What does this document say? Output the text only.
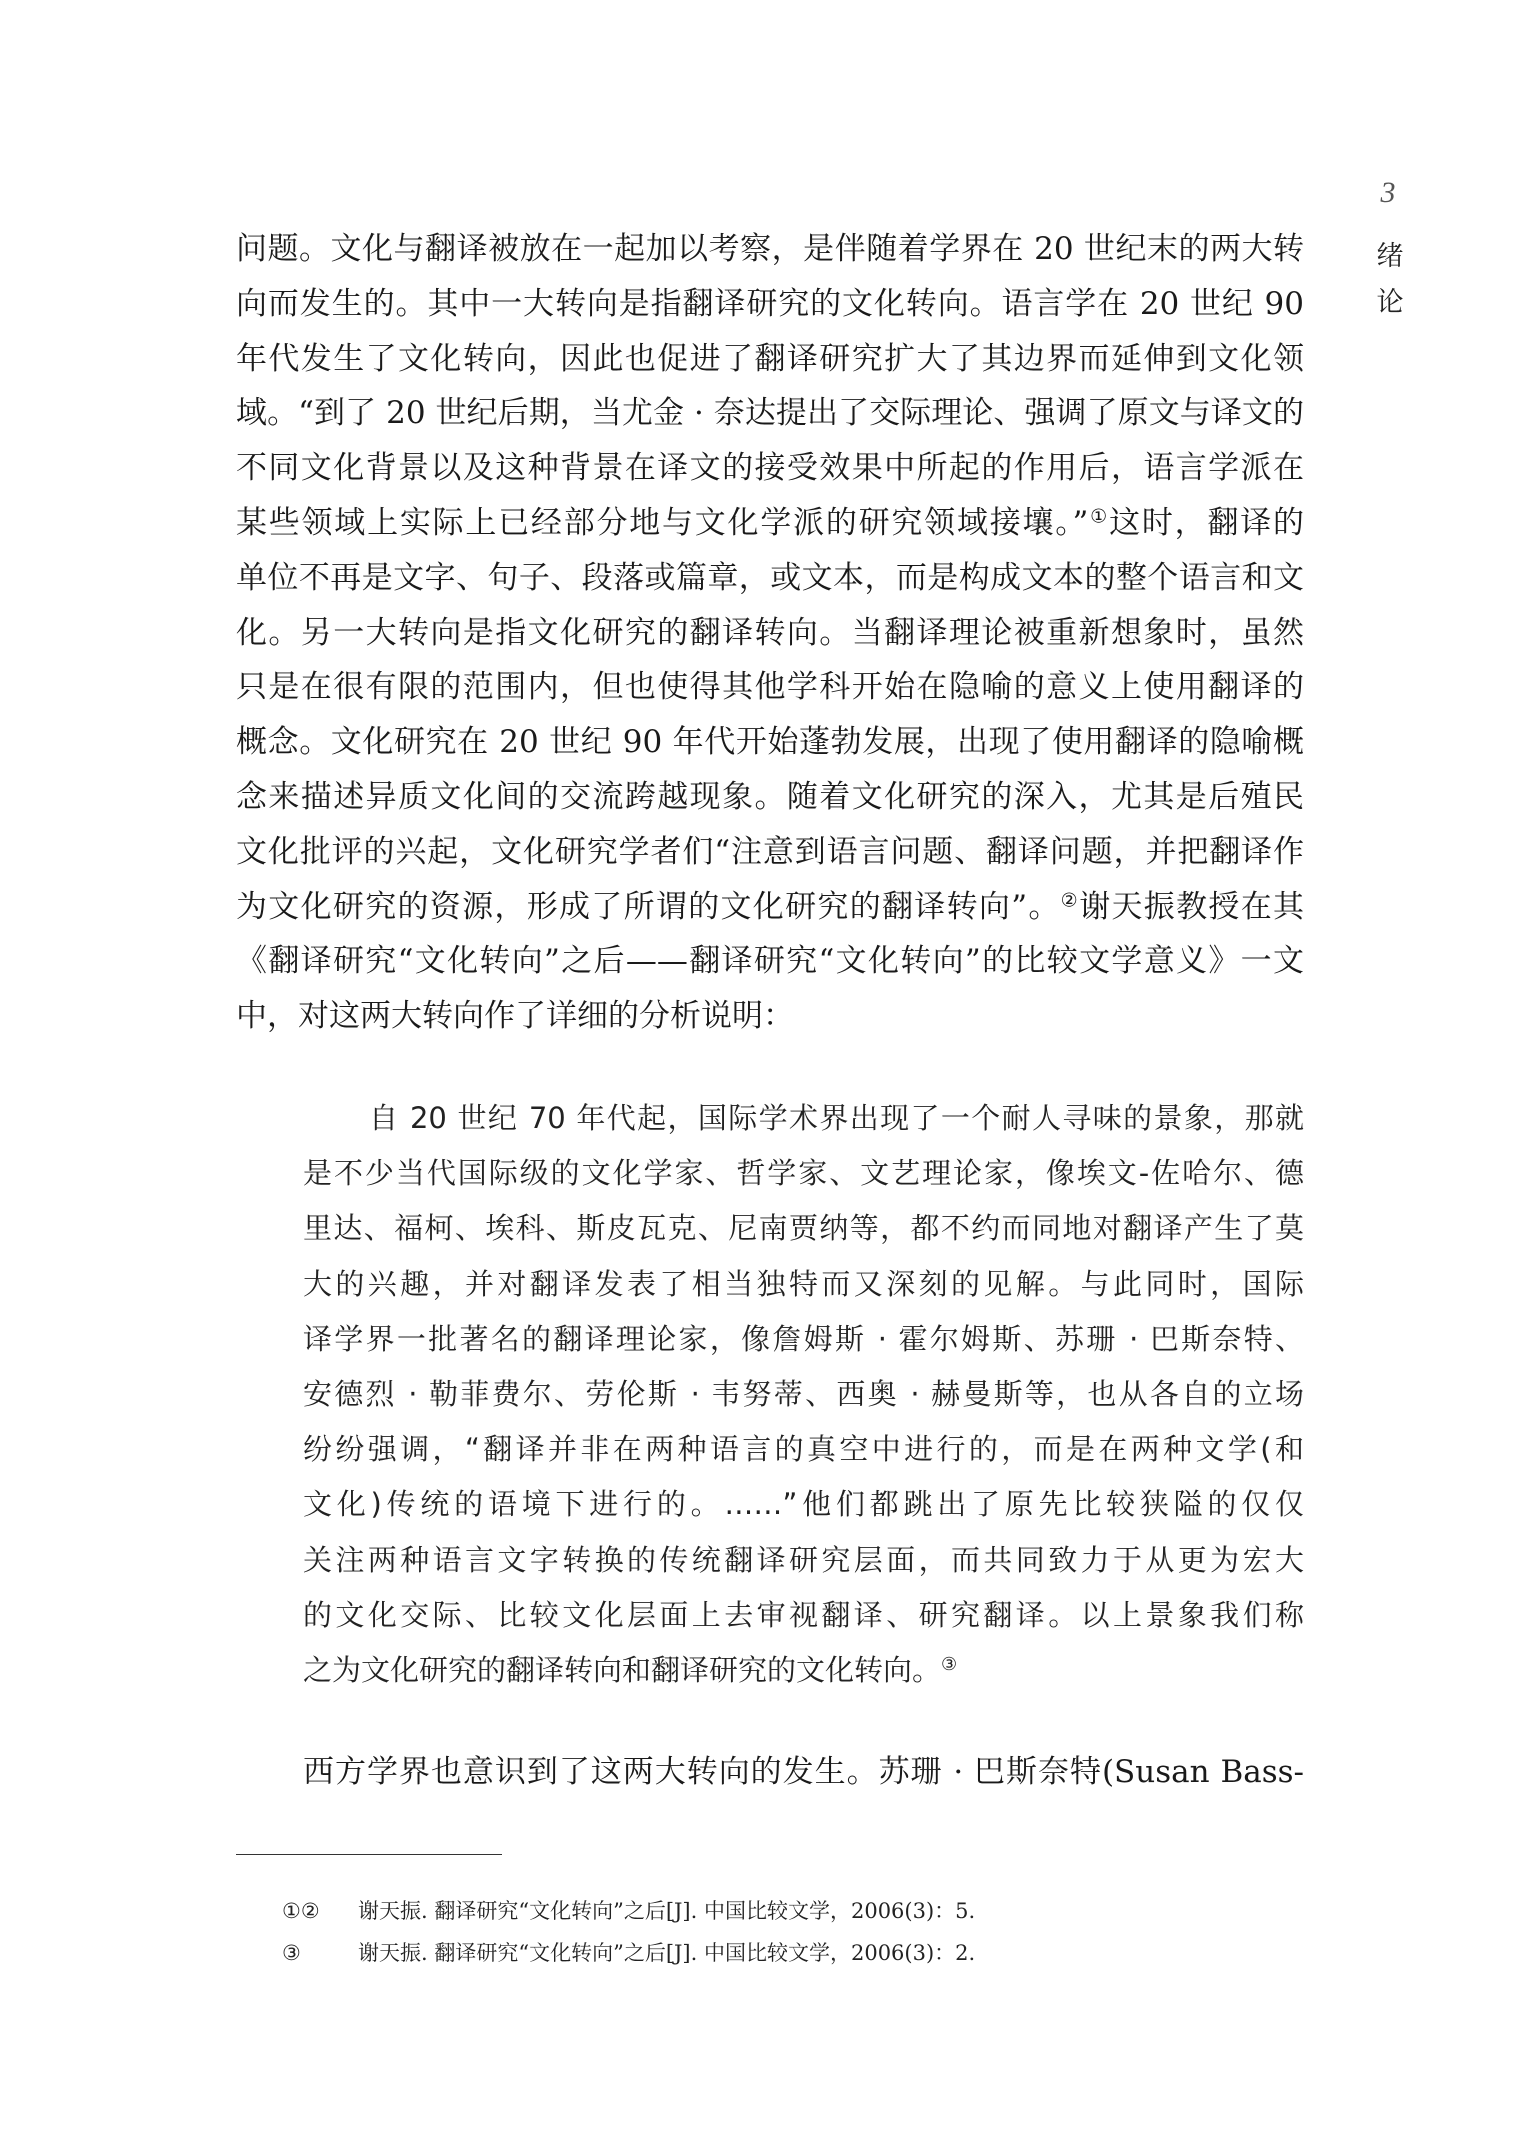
3
绪
论
问题。文化与翻译被放在一起加以考察，是伴随着学界在 20 世纪末的两大转
向而发生的。其中一大转向是指翻译研究的文化转向。语言学在 20 世纪 90
年代发生了文化转向，因此也促进了翻译研究扩大了其边界而延伸到文化领
域。“到了 20 世纪后期，当尤金 · 奈达提出了交际理论、强调了原文与译文的
不同文化背景以及这种背景在译文的接受效果中所起的作用后，语言学派在
某些领域上实际上已经部分地与文化学派的研究领域接壤。”①这时，翻译的
单位不再是文字、句子、段落或篇章，或文本，而是构成文本的整个语言和文
化。另一大转向是指文化研究的翻译转向。当翻译理论被重新想象时，虽然
只是在很有限的范围内，但也使得其他学科开始在隐喻的意义上使用翻译的
概念。文化研究在 20 世纪 90 年代开始蓬勃发展，出现了使用翻译的隐喻概
念来描述异质文化间的交流跨越现象。随着文化研究的深入，尤其是后殖民
文化批评的兴起，文化研究学者们“注意到语言问题、翻译问题，并把翻译作
为文化研究的资源，形成了所谓的文化研究的翻译转向”。②谢天振教授在其
《翻译研究“文化转向”之后——翻译研究“文化转向”的比较文学意义》一文
中，对这两大转向作了详细的分析说明：
自 20 世纪 70 年代起，国际学术界出现了一个耐人寻味的景象，那就
是不少当代国际级的文化学家、哲学家、文艺理论家，像埃文-佐哈尔、德
里达、福柯、埃科、斯皮瓦克、尼南贾纳等，都不约而同地对翻译产生了莫
大的兴趣，并对翻译发表了相当独特而又深刻的见解。与此同时，国际
译学界一批著名的翻译理论家，像詹姆斯 · 霍尔姆斯、苏珊 · 巴斯奈特、
安德烈 · 勒菲费尔、劳伦斯 · 韦努蒂、西奥 · 赫曼斯等，也从各自的立场
纷纷强调，“翻译并非在两种语言的真空中进行的，而是在两种文学(和
文化)传统的语境下进行的。……”他们都跳出了原先比较狭隘的仅仅
关注两种语言文字转换的传统翻译研究层面，而共同致力于从更为宏大
的文化交际、比较文化层面上去审视翻译、研究翻译。以上景象我们称
之为文化研究的翻译转向和翻译研究的文化转向。③
西方学界也意识到了这两大转向的发生。苏珊 · 巴斯奈特(Susan Bass-
①② 谢天振. 翻译研究“文化转向”之后[J]. 中国比较文学，2006(3)：5.
③	谢天振. 翻译研究“文化转向”之后[J]. 中国比较文学，2006(3)：2.
